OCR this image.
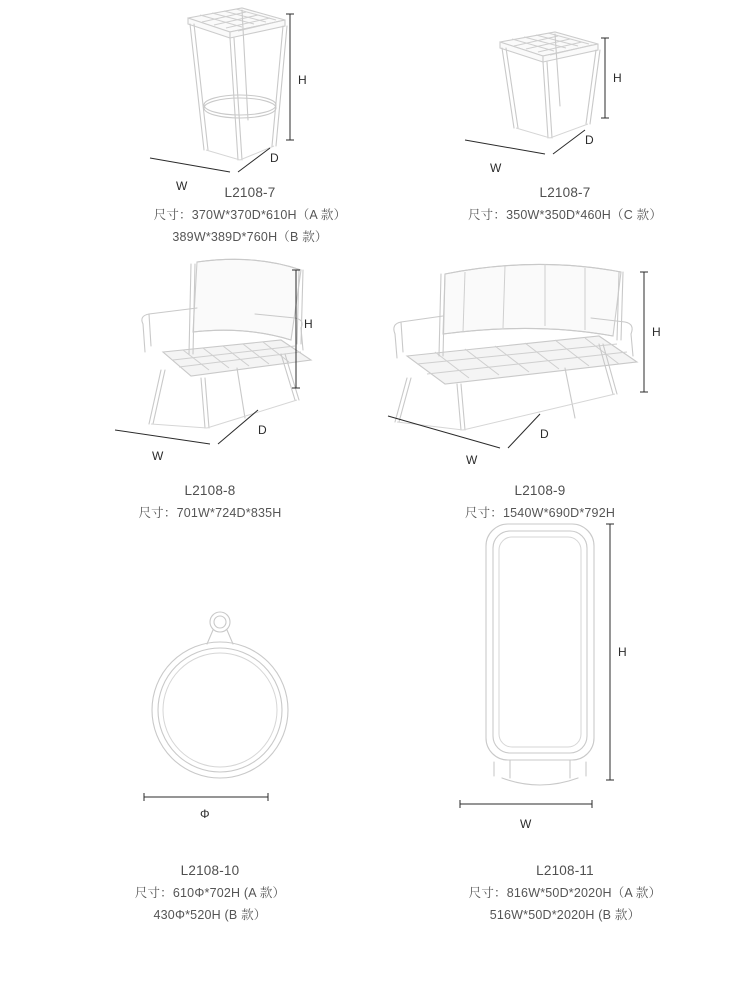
H
W
D
L2108-7
尺寸：370W*370D*610H（A 款）
389W*389D*760H（B 款）
H
W
D
L2108-7
尺寸：350W*350D*460H（C 款）
H
W
D
L2108-8
尺寸：701W*724D*835H
H
W
D
L2108-9
尺寸：1540W*690D*792H
Φ
L2108-10
尺寸：610Φ*702H (A 款）
430Φ*520H (B 款）
H
W
L2108-11
尺寸：816W*50D*2020H（A 款）
516W*50D*2020H (B 款）
